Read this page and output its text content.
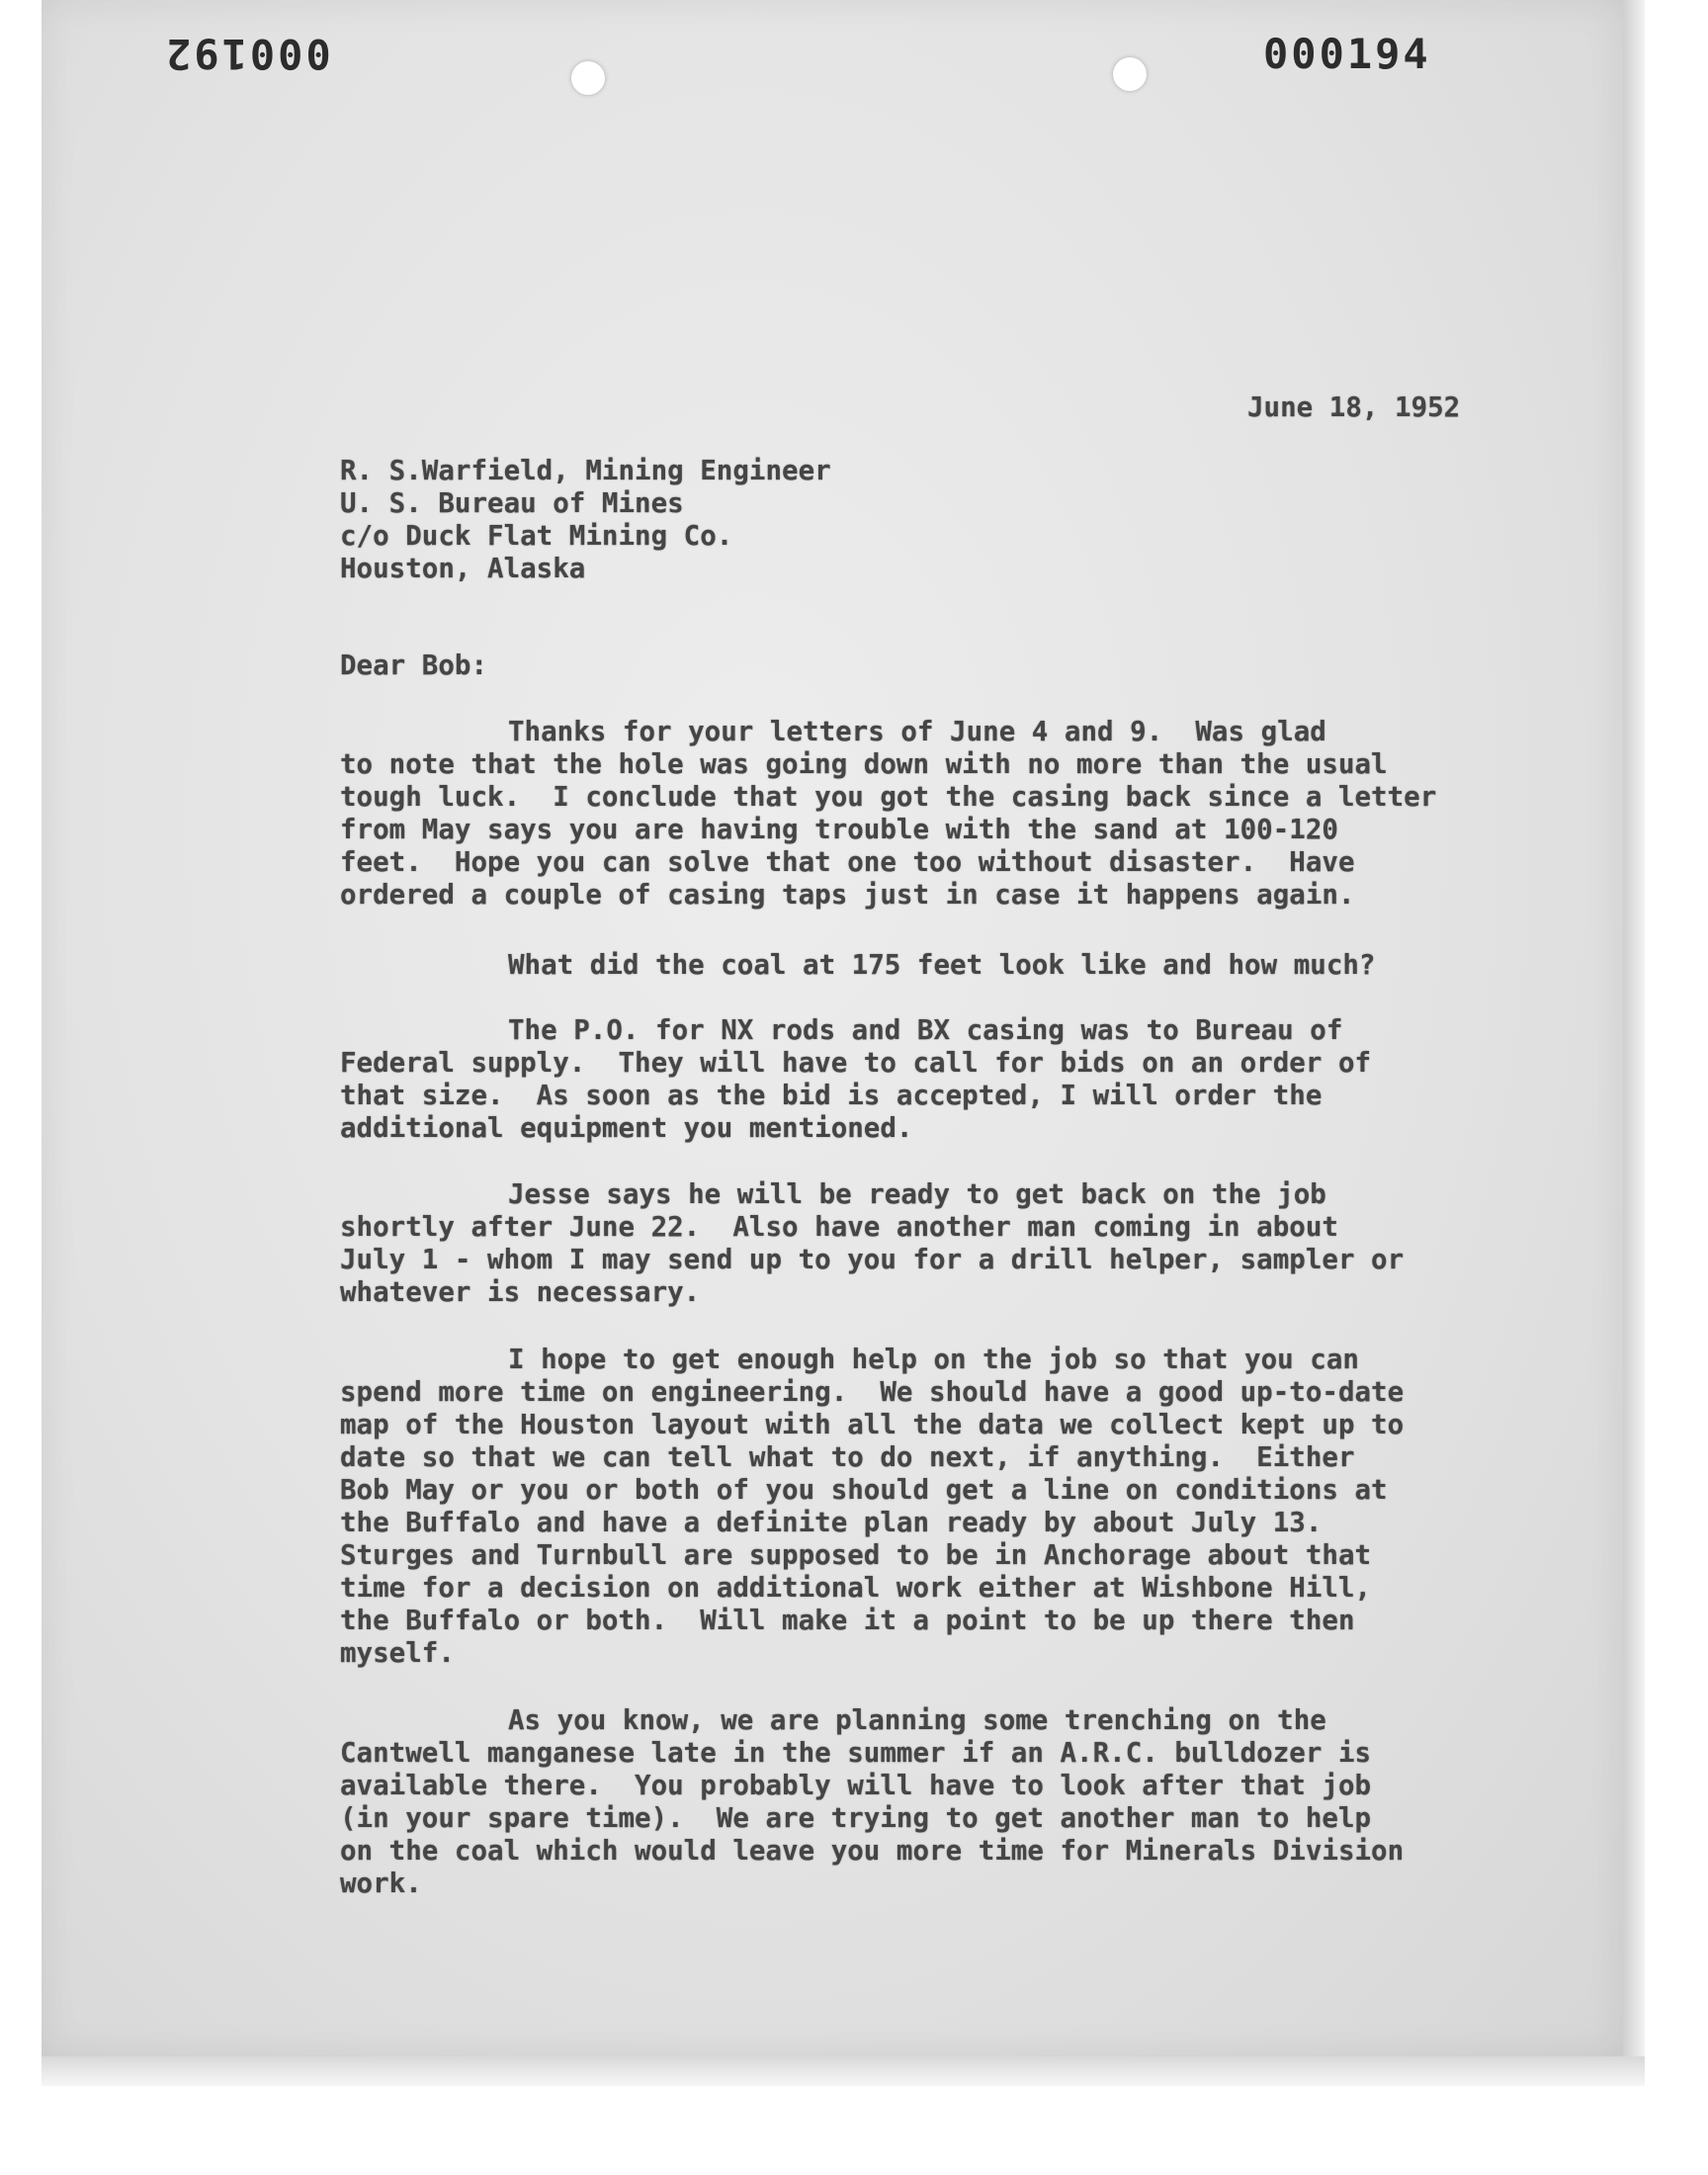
000192	000194
June 18, 1952
R. S.Warfield, Mining Engineer
U. S. Bureau of Mines
c/o Duck Flat Mining Co.
Houston, Alaska
Dear Bob:
Thanks for your letters of June 4 and 9.  Was glad
to note that the hole was going down with no more than the usual
tough luck.  I conclude that you got the casing back since a letter
from May says you are having trouble with the sand at 100-120
feet.  Hope you can solve that one too without disaster.  Have
ordered a couple of casing taps just in case it happens again.
What did the coal at 175 feet look like and how much?
The P.O. for NX rods and BX casing was to Bureau of
Federal supply.  They will have to call for bids on an order of
that size.  As soon as the bid is accepted, I will order the
additional equipment you mentioned.
Jesse says he will be ready to get back on the job
shortly after June 22.  Also have another man coming in about
July 1 - whom I may send up to you for a drill helper, sampler or
whatever is necessary.
I hope to get enough help on the job so that you can
spend more time on engineering.  We should have a good up-to-date
map of the Houston layout with all the data we collect kept up to
date so that we can tell what to do next, if anything.  Either
Bob May or you or both of you should get a line on conditions at
the Buffalo and have a definite plan ready by about July 13.
Sturges and Turnbull are supposed to be in Anchorage about that
time for a decision on additional work either at Wishbone Hill,
the Buffalo or both.  Will make it a point to be up there then
myself.
As you know, we are planning some trenching on the
Cantwell manganese late in the summer if an A.R.C. bulldozer is
available there.  You probably will have to look after that job
(in your spare time).  We are trying to get another man to help
on the coal which would leave you more time for Minerals Division
work.
